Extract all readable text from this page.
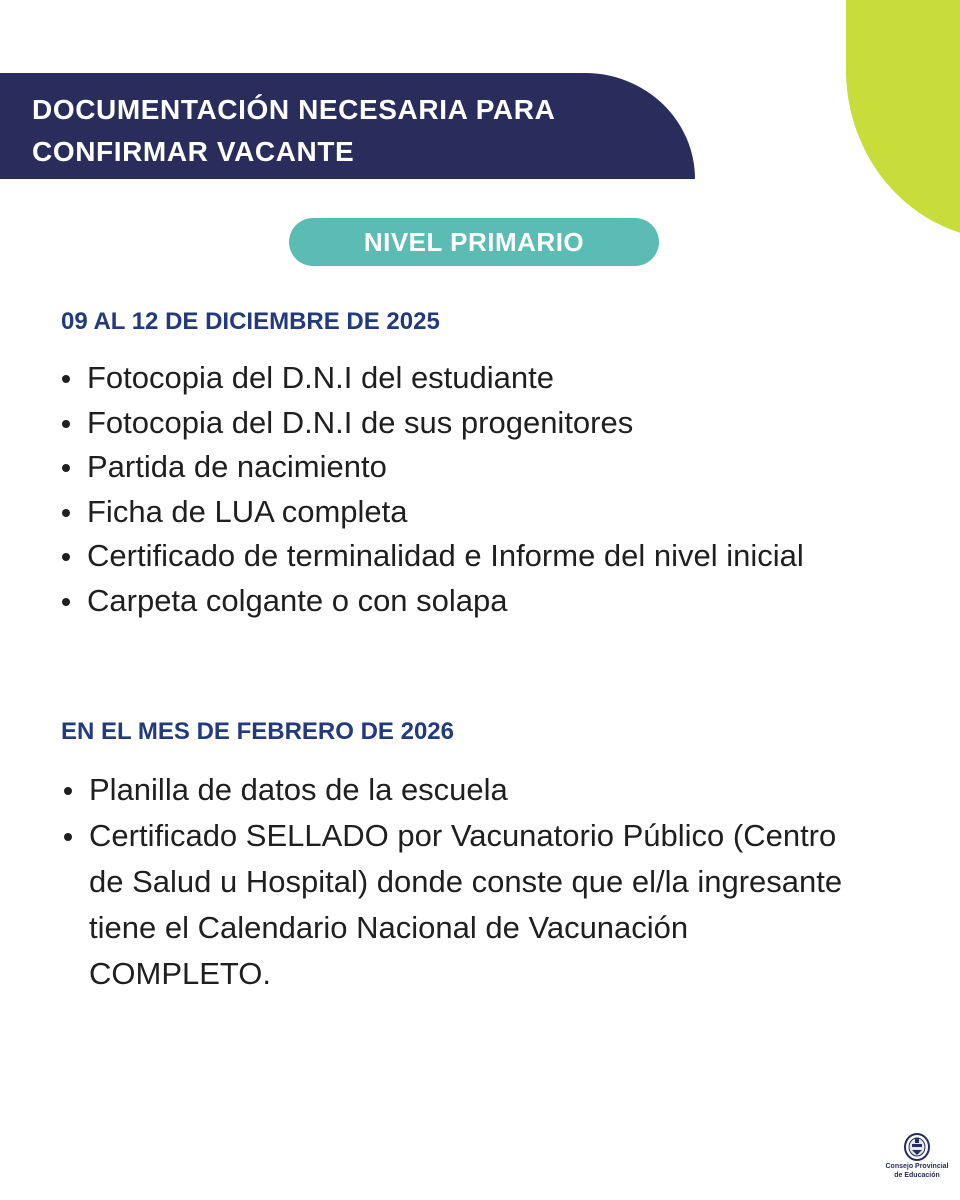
DOCUMENTACIÓN NECESARIA PARA
CONFIRMAR VACANTE
NIVEL PRIMARIO
09 AL 12 DE DICIEMBRE DE 2025
Fotocopia del D.N.I del estudiante
Fotocopia del D.N.I de sus progenitores
Partida de nacimiento
Ficha de LUA completa
Certificado de terminalidad e Informe del nivel inicial
Carpeta colgante o con solapa
EN EL MES DE FEBRERO DE 2026
Planilla de datos de la escuela
Certificado SELLADO por Vacunatorio Público (Centro de Salud u Hospital) donde conste que el/la ingresante tiene el Calendario Nacional de Vacunación COMPLETO.
Consejo Provincial
de Educación
